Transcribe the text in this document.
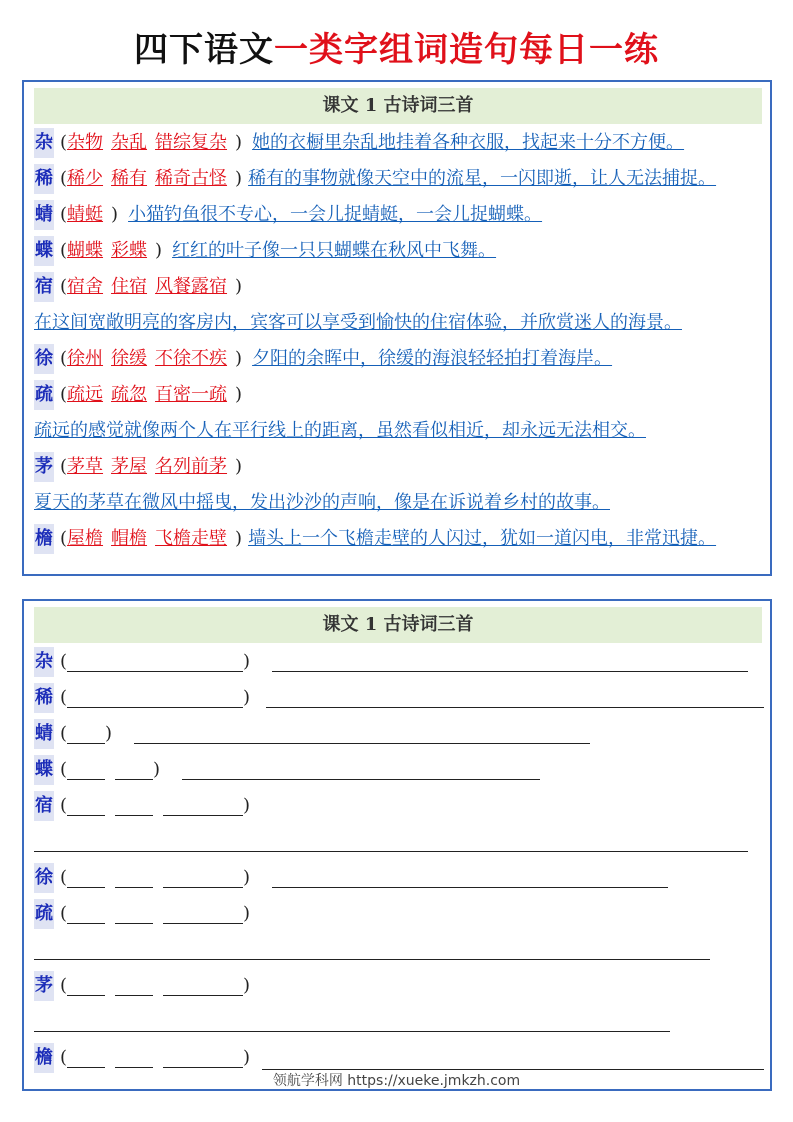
四下语文一类字组词造句每日一练
课文 1 古诗词三首
杂 (杂物 杂乱 错综复杂 ) 她的衣橱里杂乱地挂着各种衣服，找起来十分不方便。
稀 (稀少 稀有 稀奇古怪 ) 稀有的事物就像天空中的流星，一闪即逝，让人无法捕捉。
蜻 (蜻蜓 ) 小猫钓鱼很不专心，一会儿捉蜻蜓，一会儿捉蝴蝶。
蝶 (蝴蝶 彩蝶 ) 红红的叶子像一只只蝴蝶在秋风中飞舞。
宿 (宿舍 住宿 风餐露宿 )
在这间宽敞明亮的客房内，宾客可以享受到愉快的住宿体验，并欣赏迷人的海景。
徐 (徐州 徐缓 不徐不疾 ) 夕阳的余晖中，徐缓的海浪轻轻拍打着海岸。
疏 (疏远 疏忽 百密一疏 )
疏远的感觉就像两个人在平行线上的距离，虽然看似相近，却永远无法相交。
茅 (茅草 茅屋 名列前茅 )
夏天的茅草在微风中摇曳，发出沙沙的声响，像是在诉说着乡村的故事。
檐 (屋檐 帽檐 飞檐走壁 ) 墙头上一个飞檐走壁的人闪过，犹如一道闪电，非常迅捷。
课文 1 古诗词三首
杂 (	)
稀 (	)
蜻 ( )
蝶 (	)
宿 (	)
徐 (	)
疏 (	)
茅 (	)
檐 (	)
领航学科网 https://xueke.jmkzh.com
